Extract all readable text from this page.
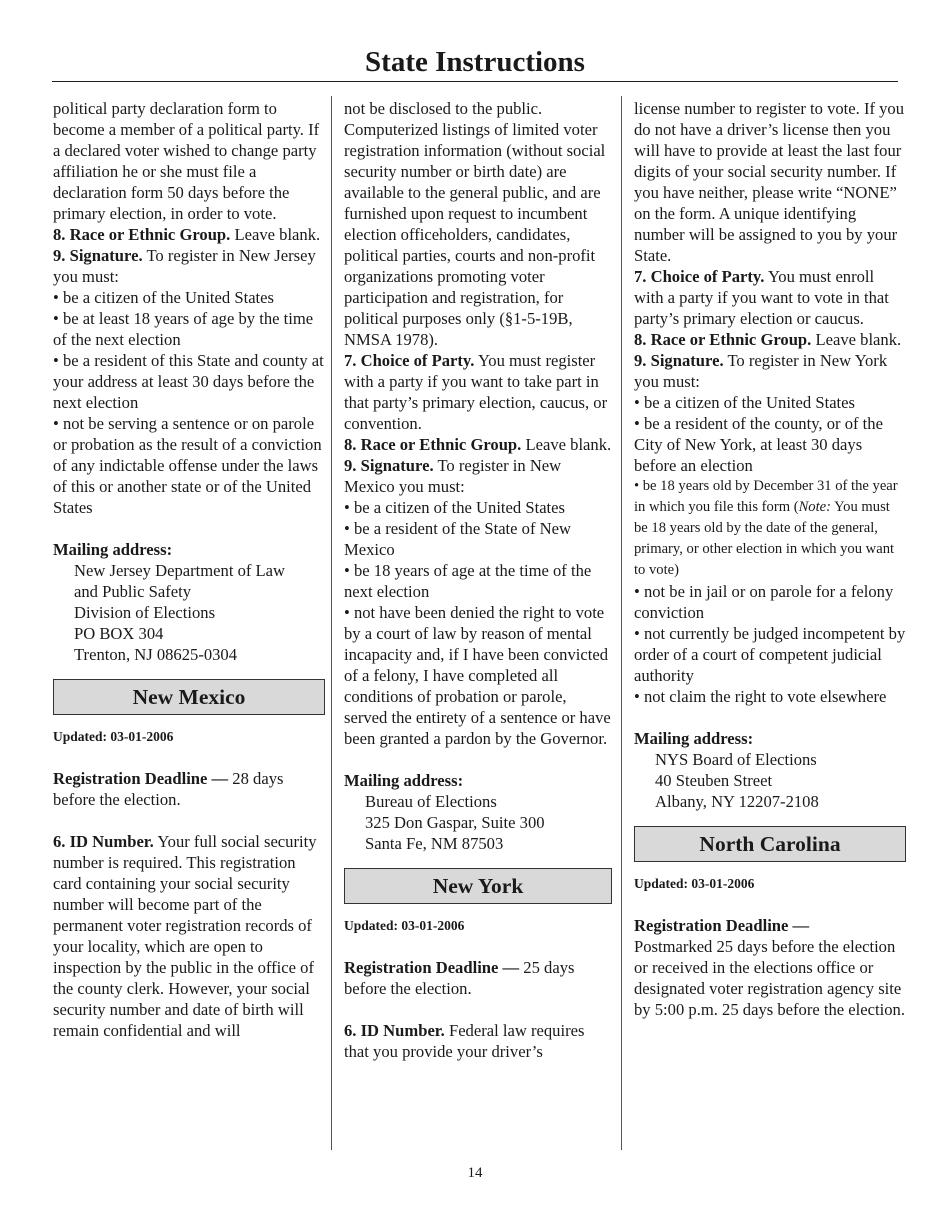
State Instructions

political party declaration form to become a member of a political party. If a declared voter wished to change party affiliation he or she must file a declaration form 50 days before the primary election, in order to vote.

8. Race or Ethnic Group. Leave blank.

9. Signature. To register in New Jersey you must:

• be a citizen of the United States

• be at least 18 years of age by the time of the next election

• be a resident of this State and county at your address at least 30 days before the next election

• not be serving a sentence or on parole or probation as the result of a conviction of any indictable offense under the laws of this or another state or of the United States

Mailing address:

New Jersey Department of Law

and Public Safety

Division of Elections

PO BOX 304

Trenton, NJ 08625-0304

New Mexico

Updated: 03-01-2006

Registration Deadline — 28 days before the election.

6. ID Number. Your full social security number is required. This registration card containing your social security number will become part of the permanent voter registration records of your locality, which are open to inspection by the public in the office of the county clerk. However, your social security number and date of birth will remain confidential and will

not be disclosed to the public. Computerized listings of limited voter registration information (without social security number or birth date) are available to the general public, and are furnished upon request to incumbent election officeholders, candidates, political parties, courts and non-profit organizations promoting voter participation and registration, for political purposes only (§1-5-19B, NMSA 1978).

7. Choice of Party. You must register with a party if you want to take part in that party’s primary election, caucus, or convention.

8. Race or Ethnic Group. Leave blank.

9. Signature. To register in New Mexico you must:

• be a citizen of the United States

• be a resident of the State of New Mexico

• be 18 years of age at the time of the next election

• not have been denied the right to vote by a court of law by reason of mental incapacity and, if I have been convicted of a felony, I have completed all conditions of probation or parole, served the entirety of a sentence or have been granted a pardon by the Governor.

Mailing address:

Bureau of Elections

325 Don Gaspar, Suite 300

Santa Fe, NM 87503

New York

Updated: 03-01-2006

Registration Deadline — 25 days before the election.

6. ID Number. Federal law requires that you provide your driver’s

license number to register to vote. If you do not have a driver’s license then you will have to provide at least the last four digits of your social security number. If you have neither, please write “NONE” on the form. A unique identifying number will be assigned to you by your State.

7. Choice of Party. You must enroll with a party if you want to vote in that party’s primary election or caucus.

8. Race or Ethnic Group. Leave blank.

9. Signature. To register in New York you must:

• be a citizen of the United States

• be a resident of the county, or of the City of New York, at least 30 days before an election

• be 18 years old by December 31 of the year in which you file this form (Note: You must be 18 years old by the date of the general, primary, or other election in which you want to vote)

• not be in jail or on parole for a felony conviction

• not currently be judged incompetent by order of a court of competent judicial authority

• not claim the right to vote elsewhere

Mailing address:

NYS Board of Elections

40 Steuben Street

Albany, NY 12207-2108

North Carolina

Updated: 03-01-2006

Registration Deadline —

Postmarked 25 days before the election or received in the elections office or designated voter registration agency site by 5:00 p.m. 25 days before the election.

14
